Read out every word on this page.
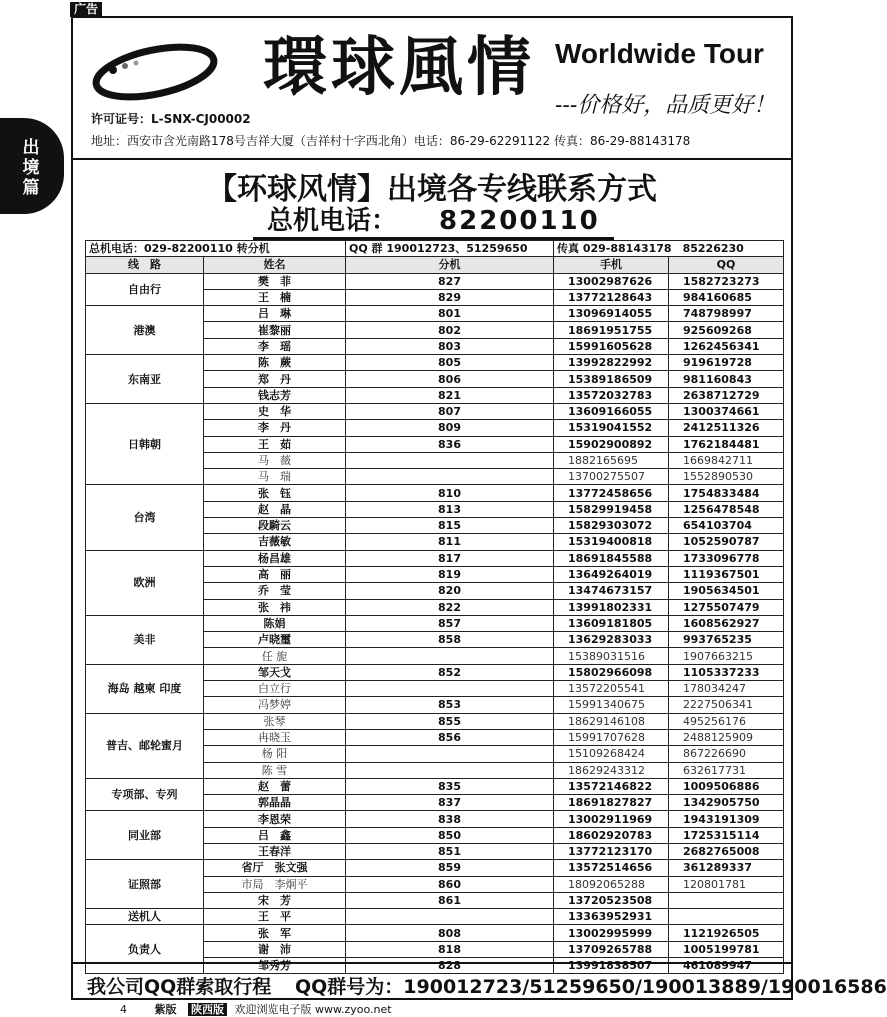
广告
出境篇
環球風情 Worldwide Tour
---价格好，品质更好！
许可证号：L-SNX-CJ00002
地址：西安市含光南路178号吉祥大厦（吉祥村十字西北角）电话：86-29-62291122 传真：86-29-88143178
【环球风情】出境各专线联系方式
总机电话： 82200110
总机电话：029-82200110 转分机		QQ 群 190012723、51259650	传真 029-88143178　85226230	
线　路	姓名	分机	手机	QQ
自由行	樊　菲	827	13002987626	1582723273
	王　楠	829	13772128643	984160685
港澳	吕　琳	801	13096914055	748798997
	崔黎丽	802	18691951755	925609268
	李　瑶	803	15991605628	1262456341
东南亚	陈　蕨	805	13992822992	919619728
	郑　丹	806	15389186509	981160843
	钱志芳	821	13572032783	2638712729
日韩朝	史　华	807	13609166055	1300374661
	李　丹	809	15319041552	2412511326
	王　茹	836	15902900892	1762184481
	马　薇		1882165695	1669842711
	马　瑞		13700275507	1552890530
台湾	张　钰	810	13772458656	1754833484
	赵　晶	813	15829919458	1256478548
	段騎云	815	15829303072	654103704
	吉薇敏	811	15319400818	1052590787
欧洲	杨昌雄	817	18691845588	1733096778
	高　丽	819	13649264019	1119367501
	乔　莹	820	13474673157	1905634501
	张　祎	822	13991802331	1275507479
美非	陈娟	857	13609181805	1608562927
	卢晓璽	858	13629283033	993765235
	任 旎		15389031516	1907663215
海岛 越柬 印度	邹天戈	852	15802966098	1105337233
	白立行		13572205541	178034247
	冯梦婷	853	15991340675	2227506341
普吉、邮轮蜜月	张琴	855	18629146108	495256176
	冉晓玉	856	15991707628	2488125909
	杨 阳		15109268424	867226690
	陈 雪		18629243312	632617731
专项部、专列	赵　蕾	835	13572146822	1009506886
	郭晶晶	837	18691827827	1342905750
同业部	李恩荣	838	13002911969	1943191309
	吕　鑫	850	18602920783	1725315114
	王春洋	851	13772123170	2682765008
证照部	省厅　张文强	859	13572514656	361289337
	市局　李炯平	860	18092065288	120801781
	宋　芳	861	13720523508	
送机人	王　平		13363952931	
负责人	张　军	808	13002995999	1121926505
	谢　沛	818	13709265788	1005199781
	邹秀芳	828	13991838507	461089947
我公司QQ群索取行程 QQ群号为：190012723/51259650/190013889/190016586
4	紫版 陕西版 欢迎浏览电子版 www.zyoo.net
